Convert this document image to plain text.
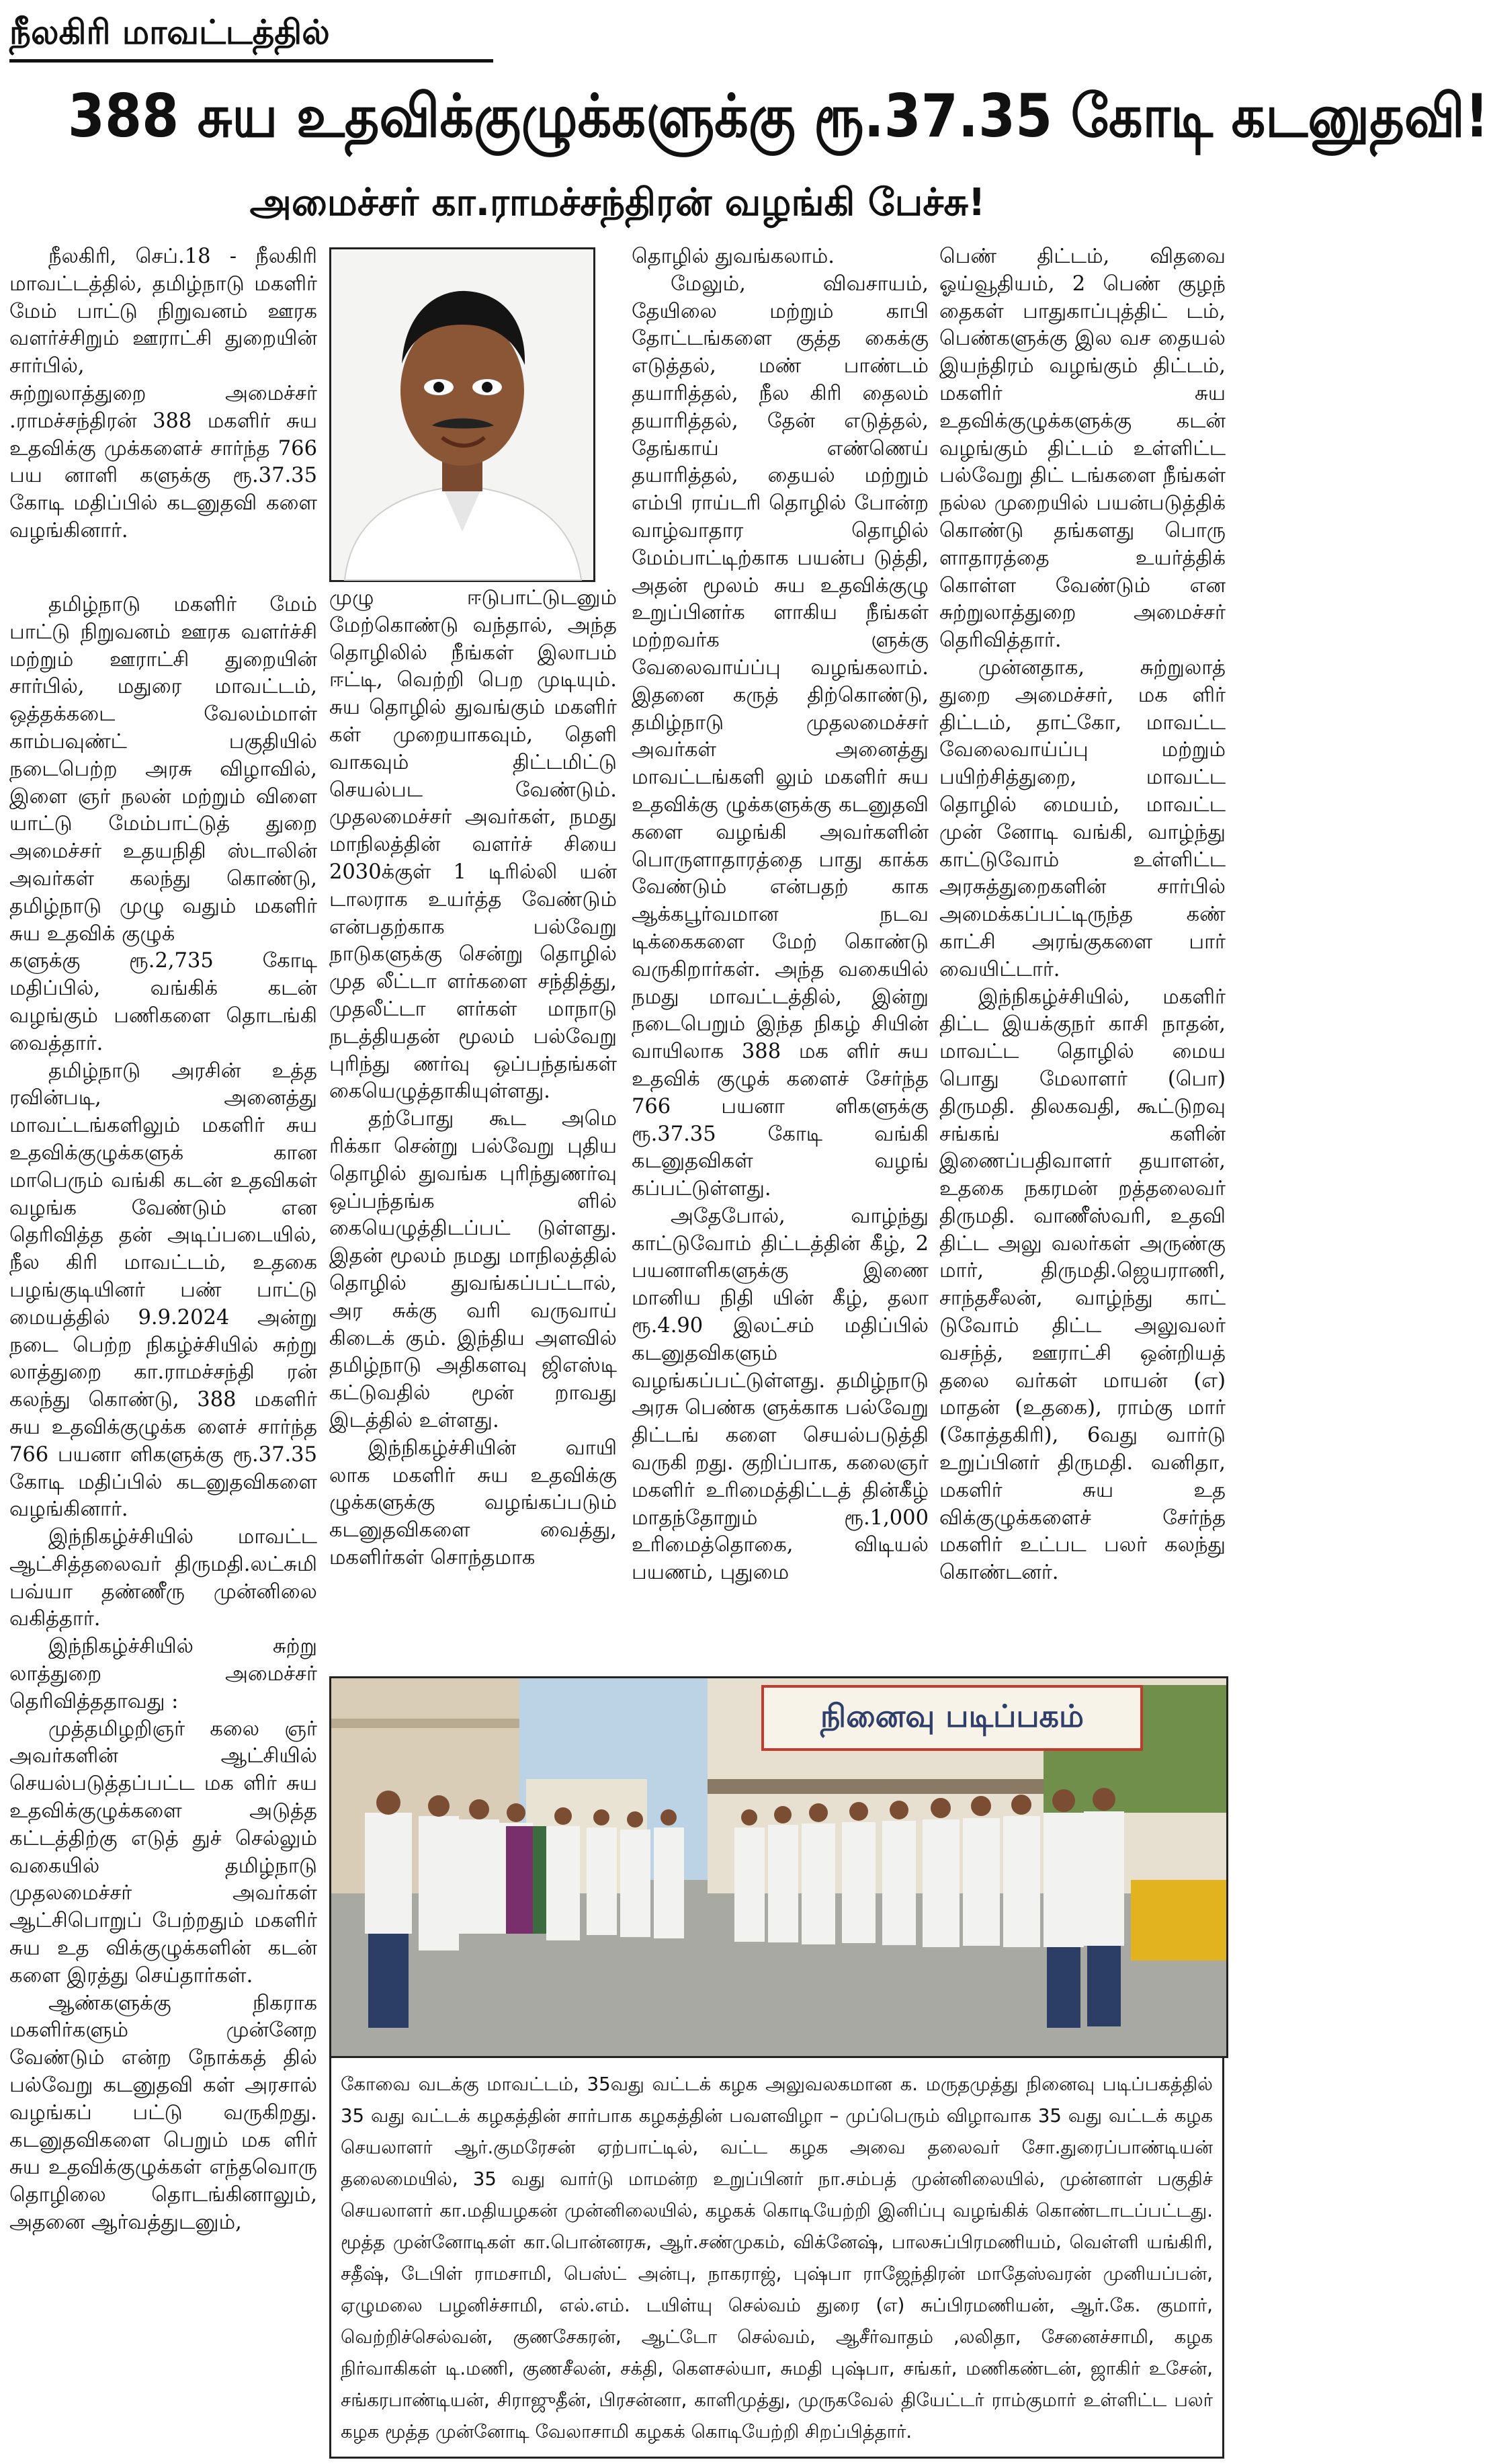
நீலகிரி மாவட்டத்தில்
388 சுய உதவிக்குழுக்களுக்கு ரூ.37.35 கோடி கடனுதவி!
அமைச்சர் கா.ராமச்சந்திரன் வழங்கி பேச்சு!

நீலகிரி, செப்.18 - நீலகிரி மாவட்டத்தில், தமிழ்நாடு மகளிர் மேம் பாட்டு நிறுவனம் ஊரக வளர்ச்சிறும் ஊராட்சி துறையின் சார்பில்,

சுற்றுலாத்துறை அமைச்சர் .ராமச்சந்திரன் 388 மகளிர் சுய உதவிக்கு முக்களைச் சார்ந்த 766 பய னாளி களுக்கு ரூ.37.35 கோடி மதிப்பில் கடனுதவி களை வழங்கினார்.

தமிழ்நாடு மகளிர் மேம் பாட்டு நிறுவனம் ஊரக வளர்ச்சி மற்றும் ஊராட்சி துறையின் சார்பில், மதுரை மாவட்டம், ஒத்தக்கடை வேலம்மாள் காம்பவுண்ட் பகுதியில் நடைபெற்ற அரசு விழாவில், இளை ஞர் நலன் மற்றும் விளை யாட்டு மேம்பாட்டுத் துறை அமைச்சர் உதயநிதி ஸ்டாலின் அவர்கள் கலந்து கொண்டு, தமிழ்நாடு முழு வதும் மகளிர் சுய உதவிக் குழுக்

களுக்கு ரூ.2,735 கோடி மதிப்பில், வங்கிக் கடன் வழங்கும் பணிகளை தொடங்கி வைத்தார்.

தமிழ்நாடு அரசின் உத்த ரவின்படி, அனைத்து மாவட்டங்களிலும் மகளிர் சுய உதவிக்குழுக்களுக் கான மாபெரும் வங்கி கடன் உதவிகள் வழங்க வேண்டும் என தெரிவித்த தன் அடிப்படையில், நீல கிரி மாவட்டம், உதகை பழங்குடியினர் பண் பாட்டு மையத்தில் 9.9.2024 அன்று நடை பெற்ற நிகழ்ச்சியில் சுற்று லாத்துறை கா.ராமச்சந்தி ரன் கலந்து கொண்டு, 388 மகளிர் சுய உதவிக்குழுக்க ளைச் சார்ந்த 766 பயனா ளிகளுக்கு ரூ.37.35 கோடி மதிப்பில் கடனுதவிகளை வழங்கினார்.

இந்நிகழ்ச்சியில் மாவட்ட ஆட்சித்தலைவர் திருமதி.லட்சுமி பவ்யா தண்ணீரு முன்னிலை வகித்தார்.

இந்நிகழ்ச்சியில் சுற்று லாத்துறை அமைச்சர் தெரிவித்ததாவது :

முத்தமிழறிஞர் கலை ஞர் அவர்களின் ஆட்சியில் செயல்படுத்தப்பட்ட மக ளிர் சுய உதவிக்குழுக்களை அடுத்த கட்டத்திற்கு எடுத் துச் செல்லும் வகையில் தமிழ்நாடு முதலமைச்சர் அவர்கள் ஆட்சிபொறுப் பேற்றதும் மகளிர் சுய உத விக்குழுக்களின் கடன் களை இரத்து செய்தார்கள்.

ஆண்களுக்கு நிகராக மகளிர்களும் முன்னேற வேண்டும் என்ற நோக்கத் தில் பல்வேறு கடனுதவி கள் அரசால் வழங்கப் பட்டு வருகிறது. கடனுதவிகளை பெறும் மக ளிர் சுய உதவிக்குழுக்கள் எந்தவொரு தொழிலை தொடங்கினாலும், அதனை ஆர்வத்துடனும்,

முழு ஈடுபாட்டுடனும் மேற்கொண்டு வந்தால், அந்த தொழிலில் நீங்கள் இலாபம் ஈட்டி, வெற்றி பெற முடியும். சுய தொழில் துவங்கும் மகளிர் கள் முறையாகவும், தெளி வாகவும் திட்டமிட்டு செயல்பட வேண்டும். முதலமைச்சர் அவர்கள், நமது மாநிலத்தின் வளர்ச் சியை 2030க்குள் 1 டிரில்லி யன் டாலராக உயர்த்த வேண்டும் என்பதற்காக பல்வேறு நாடுகளுக்கு சென்று தொழில் முத லீட்டா ளர்களை சந்தித்து, முதலீட்டா ளர்கள் மாநாடு நடத்தியதன் மூலம் பல்வேறு புரிந்து ணர்வு ஒப்பந்தங்கள் கையெழுத்தாகியுள்ளது.

தற்போது கூட அமெ ரிக்கா சென்று பல்வேறு புதிய தொழில் துவங்க புரிந்துணர்வு ஒப்பந்தங்க ளில் கையெழுத்திடப்பட் டுள்ளது. இதன் மூலம் நமது மாநிலத்தில் தொழில் துவங்கப்பட்டால், அர சுக்கு வரி வருவாய் கிடைக் கும். இந்திய அளவில் தமிழ்நாடு அதிகளவு ஜிஎஸ்டி கட்டுவதில் மூன் றாவது இடத்தில் உள்ளது.

இந்நிகழ்ச்சியின் வாயி லாக மகளிர் சுய உதவிக்கு ழுக்களுக்கு வழங்கப்படும் கடனுதவிகளை வைத்து, மகளிர்கள் சொந்தமாக

தொழில் துவங்கலாம்.

மேலும், விவசாயம், தேயிலை மற்றும் காபி தோட்டங்களை குத்த கைக்கு எடுத்தல், மண் பாண்டம் தயாரித்தல், நீல கிரி தைலம் தயாரித்தல், தேன் எடுத்தல், தேங்காய் எண்ணெய் தயாரித்தல், தையல் மற்றும் எம்பி ராய்டரி தொழில் போன்ற வாழ்வாதார தொழில் மேம்பாட்டிற்காக பயன்ப டுத்தி, அதன் மூலம் சுய உதவிக்குழு உறுப்பினர்க ளாகிய நீங்கள் மற்றவர்க ளுக்கு வேலைவாய்ப்பு வழங்கலாம். இதனை கருத் திற்கொண்டு, தமிழ்நாடு முதலமைச்சர் அவர்கள் அனைத்து மாவட்டங்களி லும் மகளிர் சுய உதவிக்கு ழுக்களுக்கு கடனுதவி களை வழங்கி அவர்களின் பொருளாதாரத்தை பாது காக்க வேண்டும் என்பதற் காக ஆக்கபூர்வமான நடவ டிக்கைகளை மேற் கொண்டு வருகிறார்கள். அந்த வகையில் நமது மாவட்டத்தில், இன்று நடைபெறும் இந்த நிகழ் சியின் வாயிலாக 388 மக ளிர் சுய உதவிக் குழுக் களைச் சேர்ந்த 766 பயனா ளிகளுக்கு ரூ.37.35 கோடி வங்கி கடனுதவிகள் வழங் கப்பட்டுள்ளது.

அதேபோல், வாழ்ந்து காட்டுவோம் திட்டத்தின் கீழ், 2 பயனாளிகளுக்கு இணை மானிய நிதி யின் கீழ், தலா ரூ.4.90 இலட்சம் மதிப்பில் கடனுதவிகளும் வழங்கப்பட்டுள்ளது. தமிழ்நாடு அரசு பெண்க ளுக்காக பல்வேறு திட்டங் களை செயல்படுத்தி வருகி றது. குறிப்பாக, கலைஞர் மகளிர் உரிமைத்திட்டத் தின்கீழ் மாதந்தோறும் ரூ.1,000 உரிமைத்தொகை, விடியல் பயணம், புதுமை

பெண் திட்டம், விதவை ஓய்வூதியம், 2 பெண் குழந் தைகள் பாதுகாப்புத்திட் டம், பெண்களுக்கு இல வச தையல் இயந்திரம் வழங்கும் திட்டம், மகளிர் சுய உதவிக்குழுக்களுக்கு கடன் வழங்கும் திட்டம் உள்ளிட்ட பல்வேறு திட் டங்களை நீங்கள் நல்ல முறையில் பயன்படுத்திக் கொண்டு தங்களது பொரு ளாதாரத்தை உயர்த்திக் கொள்ள வேண்டும் என சுற்றுலாத்துறை அமைச்சர் தெரிவித்தார்.

முன்னதாக, சுற்றுலாத் துறை அமைச்சர், மக ளிர் திட்டம், தாட்கோ, மாவட்ட வேலைவாய்ப்பு மற்றும் பயிற்சித்துறை, மாவட்ட தொழில் மையம், மாவட்ட முன் னோடி வங்கி, வாழ்ந்து காட்டுவோம் உள்ளிட்ட அரசுத்துறைகளின் சார்பில் அமைக்கப்பட்டிருந்த கண் காட்சி அரங்குகளை பார் வையிட்டார்.

இந்நிகழ்ச்சியில், மகளிர் திட்ட இயக்குநர் காசி நாதன், மாவட்ட தொழில் மைய பொது மேலாளர் (பொ) திருமதி. திலகவதி, கூட்டுறவு சங்கங் களின் இணைப்பதிவாளர் தயாளன், உதகை நகரமன் றத்தலைவர் திருமதி. வாணீஸ்வரி, உதவி திட்ட அலு வலர்கள் அருண்கு மார், திருமதி.ஜெயராணி, சாந்தசீலன், வாழ்ந்து காட் டுவோம் திட்ட அலுவலர் வசந்த், ஊராட்சி ஒன்றியத் தலை வர்கள் மாயன் (எ) மாதன் (உதகை), ராம்கு மார் (கோத்தகிரி), 6வது வார்டு உறுப்பினர் திருமதி. வனிதா, மகளிர் சுய உத விக்குழுக்களைச் சேர்ந்த மகளிர் உட்பட பலர் கலந்து கொண்டனர்.

நினைவு படிப்பகம்
கோவை வடக்கு மாவட்டம், 35வது வட்டக் கழக அலுவலகமான க. மருதமுத்து நினைவு படிப்பகத்தில் 35 வது வட்டக் கழகத்தின் சார்பாக கழகத்தின் பவளவிழா – முப்பெரும் விழாவாக 35 வது வட்டக் கழக செயலாளர் ஆர்.குமரேசன் ஏற்பாட்டில், வட்ட கழக அவை தலைவர் சோ.துரைப்பாண்டியன் தலைமையில், 35 வது வார்டு மாமன்ற உறுப்பினர் நா.சம்பத் முன்னிலையில், முன்னாள் பகுதிச் செயலாளர் கா.மதியழகன் முன்னிலையில், கழகக் கொடியேற்றி இனிப்பு வழங்கிக் கொண்டாடப்பட்டது. மூத்த முன்னோடிகள் கா.பொன்னரசு, ஆர்.சண்முகம், விக்னேஷ், பாலசுப்பிரமணியம், வெள்ளி யங்கிரி, சதீஷ், டேபிள் ராமசாமி, பெஸ்ட் அன்பு, நாகராஜ், புஷ்பா ராஜேந்திரன் மாதேஸ்வரன் முனியப்பன், ஏழுமலை பழனிச்சாமி, எல்.எம். டயிள்யு செல்வம் துரை (எ) சுப்பிரமணியன், ஆர்.கே. குமார், வெற்றிச்செல்வன், குணசேகரன், ஆட்டோ செல்வம், ஆசீர்வாதம் ,லலிதா, சேனைச்சாமி, கழக நிர்வாகிகள் டி.மணி, குணசீலன், சக்தி, கௌசல்யா, சுமதி புஷ்பா, சங்கர், மணிகண்டன், ஜாகிர் உசேன், சங்கரபாண்டியன், சிராஜுதீன், பிரசன்னா, காளிமுத்து, முருகவேல் தியேட்டர் ராம்குமார் உள்ளிட்ட பலர் கழக மூத்த முன்னோடி வேலாசாமி கழகக் கொடியேற்றி சிறப்பித்தார்.
